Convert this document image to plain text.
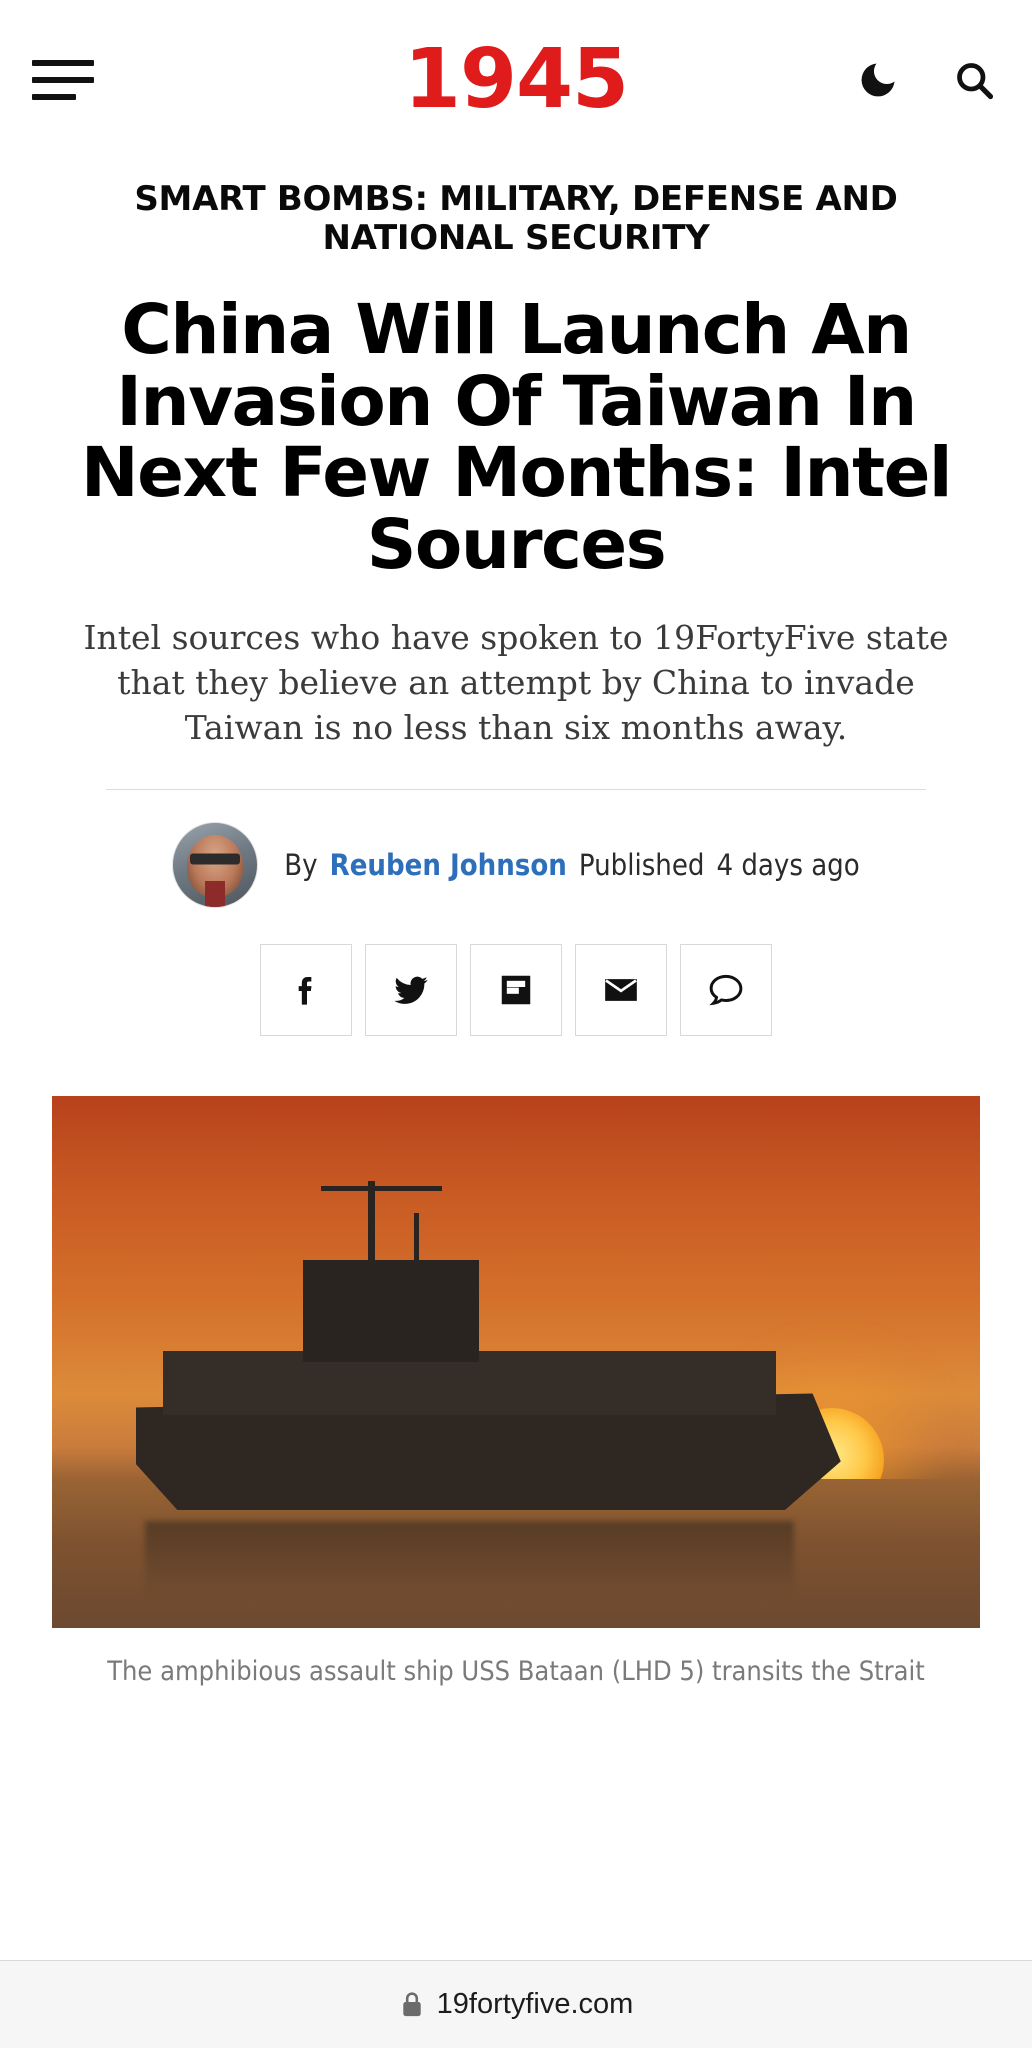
1945
SMART BOMBS: MILITARY, DEFENSE AND NATIONAL SECURITY
China Will Launch An Invasion Of Taiwan In Next Few Months: Intel Sources

Intel sources who have spoken to 19FortyFive state that they believe an attempt by China to invade Taiwan is no less than six months away.

By Reuben Johnson Published 4 days ago
The amphibious assault ship USS Bataan (LHD 5) transits the Strait
19fortyfive.com
